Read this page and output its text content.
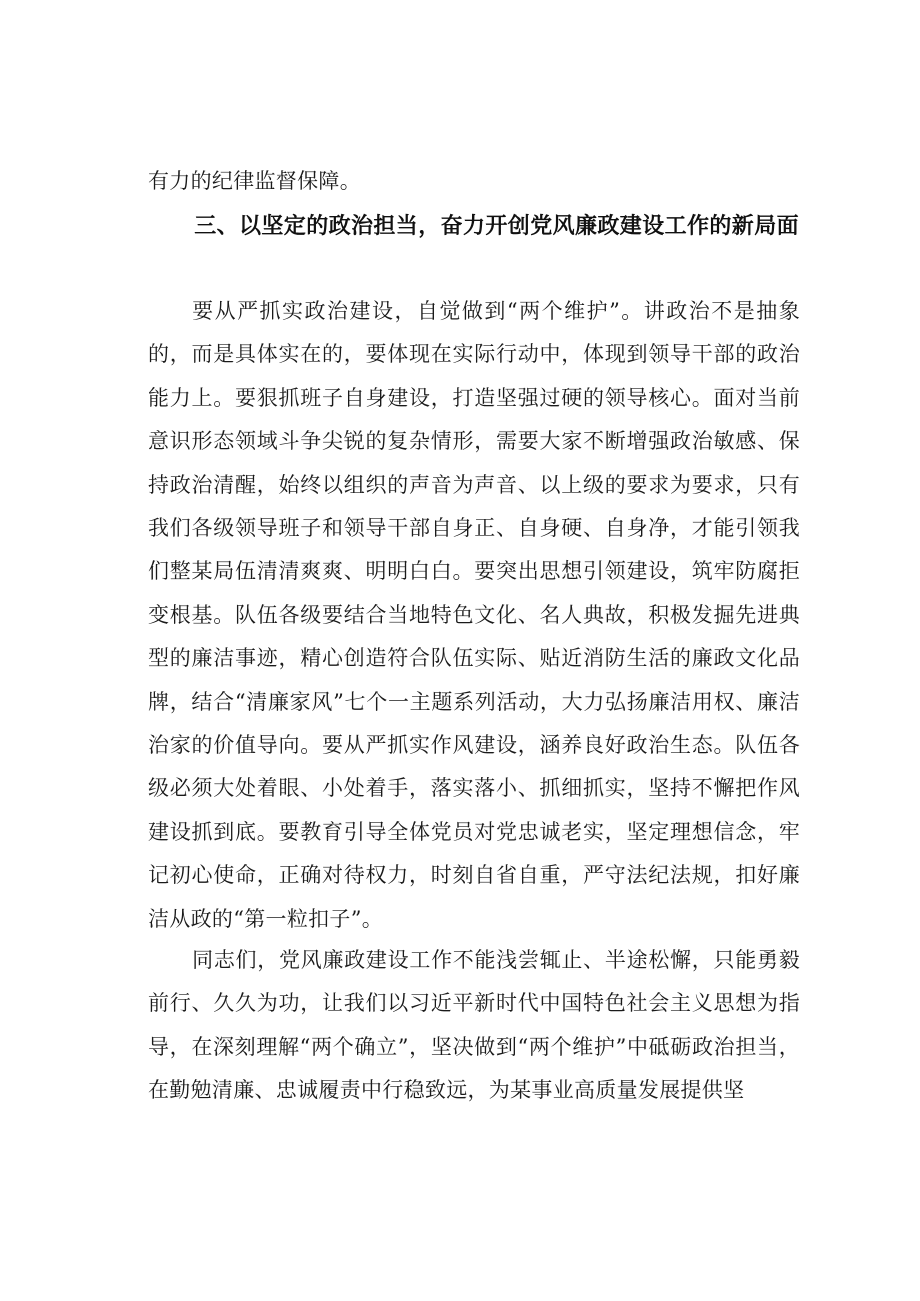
有力的纪律监督保障。

三、以坚定的政治担当，奋力开创党风廉政建设工作的新局面

要从严抓实政治建设，自觉做到“两个维护”。讲政治不是抽象的，而是具体实在的，要体现在实际行动中，体现到领导干部的政治能力上。要狠抓班子自身建设，打造坚强过硬的领导核心。面对当前意识形态领域斗争尖锐的复杂情形，需要大家不断增强政治敏感、保持政治清醒，始终以组织的声音为声音、以上级的要求为要求，只有我们各级领导班子和领导干部自身正、自身硬、自身净，才能引领我们整某局伍清清爽爽、明明白白。要突出思想引领建设，筑牢防腐拒变根基。队伍各级要结合当地特色文化、名人典故，积极发掘先进典型的廉洁事迹，精心创造符合队伍实际、贴近消防生活的廉政文化品牌，结合“清廉家风”七个一主题系列活动，大力弘扬廉洁用权、廉洁治家的价值导向。要从严抓实作风建设，涵养良好政治生态。队伍各级必须大处着眼、小处着手，落实落小、抓细抓实，坚持不懈把作风建设抓到底。要教育引导全体党员对党忠诚老实，坚定理想信念，牢记初心使命，正确对待权力，时刻自省自重，严守法纪法规，扣好廉洁从政的“第一粒扣子”。

同志们，党风廉政建设工作不能浅尝辄止、半途松懈，只能勇毅前行、久久为功，让我们以习近平新时代中国特色社会主义思想为指导，在深刻理解“两个确立”，坚决做到“两个维护”中砥砺政治担当，在勤勉清廉、忠诚履责中行稳致远，为某事业高质量发展提供坚
